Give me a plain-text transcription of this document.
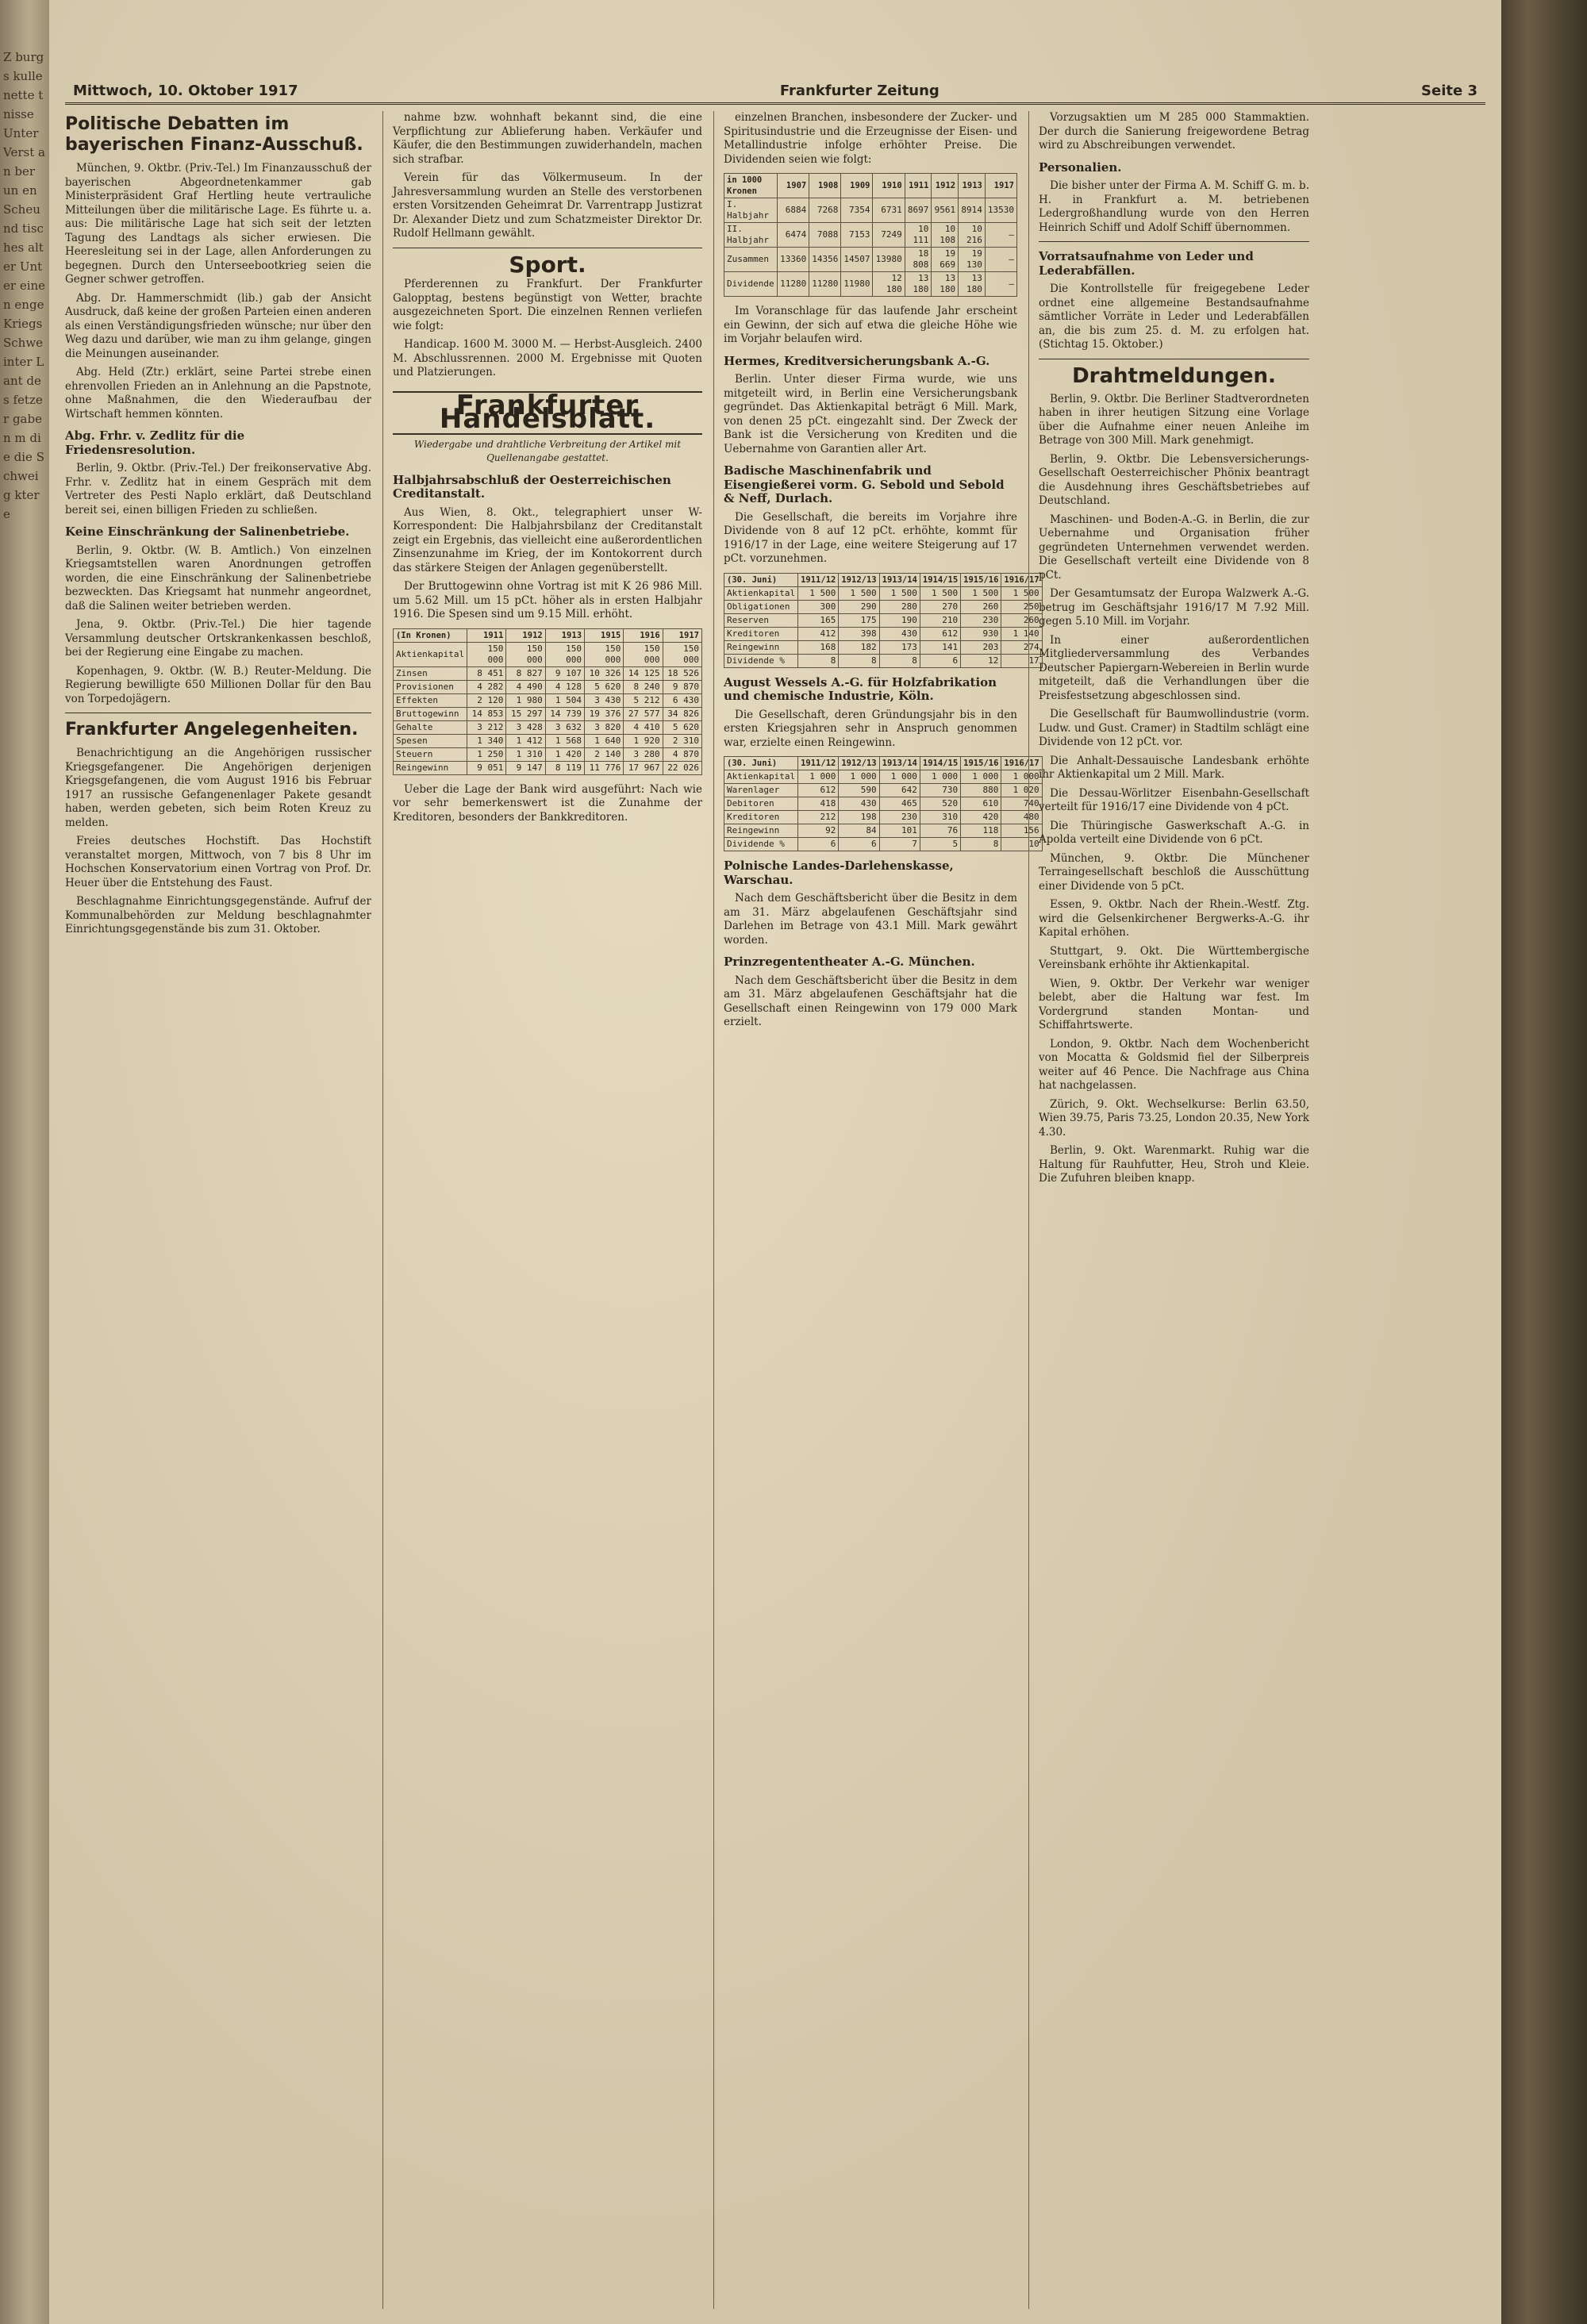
Z burgs kulle nette tnisse Unter Verst an ber un en Scheu nd tisches alter Unter einen enge Kriegs Schwe inter Lant des fetzer gaben m die die Schweig ktere
Mittwoch, 10. Oktober 1917	Frankfurter Zeitung	Seite 3
Politische Debatten im bayerischen Finanz-Ausschuß.

München, 9. Oktbr. (Priv.-Tel.) Im Finanzausschuß der bayerischen Abgeordnetenkammer gab Ministerpräsident Graf Hertling heute vertrauliche Mitteilungen über die militärische Lage. Es führte u. a. aus: Die militärische Lage hat sich seit der letzten Tagung des Landtags als sicher erwiesen. Die Heeresleitung sei in der Lage, allen Anforderungen zu begegnen. Durch den Unterseebootkrieg seien die Gegner schwer getroffen.

Abg. Dr. Hammerschmidt (lib.) gab der Ansicht Ausdruck, daß keine der großen Parteien einen anderen als einen Verständigungsfrieden wünsche; nur über den Weg dazu und darüber, wie man zu ihm gelange, gingen die Meinungen auseinander.

Abg. Held (Ztr.) erklärt, seine Partei strebe einen ehrenvollen Frieden an in Anlehnung an die Papstnote, ohne Maßnahmen, die den Wiederaufbau der Wirtschaft hemmen könnten.

Abg. Frhr. v. Zedlitz für die Friedensresolution.

Berlin, 9. Oktbr. (Priv.-Tel.) Der freikonservative Abg. Frhr. v. Zedlitz hat in einem Gespräch mit dem Vertreter des Pesti Naplo erklärt, daß Deutschland bereit sei, einen billigen Frieden zu schließen.

Keine Einschränkung der Salinenbetriebe.

Berlin, 9. Oktbr. (W. B. Amtlich.) Von einzelnen Kriegsamtstellen waren Anordnungen getroffen worden, die eine Einschränkung der Salinenbetriebe bezweckten. Das Kriegsamt hat nunmehr angeordnet, daß die Salinen weiter betrieben werden.

Jena, 9. Oktbr. (Priv.-Tel.) Die hier tagende Versammlung deutscher Ortskrankenkassen beschloß, bei der Regierung eine Eingabe zu machen.

Kopenhagen, 9. Oktbr. (W. B.) Reuter-Meldung. Die Regierung bewilligte 650 Millionen Dollar für den Bau von Torpedojägern.

Frankfurter Angelegenheiten.

Benachrichtigung an die Angehörigen russischer Kriegsgefangener. Die Angehörigen derjenigen Kriegsgefangenen, die vom August 1916 bis Februar 1917 an russische Gefangenenlager Pakete gesandt haben, werden gebeten, sich beim Roten Kreuz zu melden.

Freies deutsches Hochstift. Das Hochstift veranstaltet morgen, Mittwoch, von 7 bis 8 Uhr im Hochschen Konservatorium einen Vortrag von Prof. Dr. Heuer über die Entstehung des Faust.

Beschlagnahme Einrichtungsgegenstände. Aufruf der Kommunalbehörden zur Meldung beschlagnahmter Einrichtungsgegenstände bis zum 31. Oktober.

nahme bzw. wohnhaft bekannt sind, die eine Verpflichtung zur Ablieferung haben. Verkäufer und Käufer, die den Bestimmungen zuwiderhandeln, machen sich strafbar.

Verein für das Völkermuseum. In der Jahresversammlung wurden an Stelle des verstorbenen ersten Vorsitzenden Geheimrat Dr. Varrentrapp Justizrat Dr. Alexander Dietz und zum Schatzmeister Direktor Dr. Rudolf Hellmann gewählt.

Sport.

Pferderennen zu Frankfurt. Der Frankfurter Galopptag, bestens begünstigt von Wetter, brachte ausgezeichneten Sport. Die einzelnen Rennen verliefen wie folgt:

Handicap. 1600 M. 3000 M. — Herbst-Ausgleich. 2400 M. Abschlussrennen. 2000 M. Ergebnisse mit Quoten und Platzierungen.

Frankfurter Handelsblatt.
Wiedergabe und drahtliche Verbreitung der Artikel mit Quellenangabe gestattet.
Halbjahrsabschluß der Oesterreichischen Creditanstalt.

Aus Wien, 8. Okt., telegraphiert unser W-Korrespondent: Die Halbjahrsbilanz der Creditanstalt zeigt ein Ergebnis, das vielleicht eine außerordentlichen Zinsenzunahme im Krieg, der im Kontokorrent durch das stärkere Steigen der Anlagen gegenüberstellt.

Der Bruttogewinn ohne Vortrag ist mit K 26 986 Mill. um 5.62 Mill. um 15 pCt. höher als in ersten Halbjahr 1916. Die Spesen sind um 9.15 Mill. erhöht.

(In Kronen)	1911	1912	1913	1915	1916	1917
Aktienkapital	150 000	150 000	150 000	150 000	150 000	150 000
Zinsen	8 451	8 827	9 107	10 326	14 125	18 526
Provisionen	4 282	4 490	4 128	5 620	8 240	9 870
Effekten	2 120	1 980	1 504	3 430	5 212	6 430
Bruttogewinn	14 853	15 297	14 739	19 376	27 577	34 826
Gehalte	3 212	3 428	3 632	3 820	4 410	5 620
Spesen	1 340	1 412	1 568	1 640	1 920	2 310
Steuern	1 250	1 310	1 420	2 140	3 280	4 870
Reingewinn	9 051	9 147	8 119	11 776	17 967	22 026

Ueber die Lage der Bank wird ausgeführt: Nach wie vor sehr bemerkenswert ist die Zunahme der Kreditoren, besonders der Bankkreditoren.

einzelnen Branchen, insbesondere der Zucker- und Spiritusindustrie und die Erzeugnisse der Eisen- und Metallindustrie infolge erhöhter Preise. Die Dividenden seien wie folgt:

in 1000 Kronen	1907	1908	1909	1910	1911	1912	1913	1917
I. Halbjahr	6884	7268	7354	6731	8697	9561	8914	13530
II. Halbjahr	6474	7088	7153	7249	10 111	10 108	10 216	—
Zusammen	13360	14356	14507	13980	18 808	19 669	19 130	—
Dividende	11280	11280	11980	12 180	13 180	13 180	13 180	—

Im Voranschlage für das laufende Jahr erscheint ein Gewinn, der sich auf etwa die gleiche Höhe wie im Vorjahr belaufen wird.

Hermes, Kreditversicherungsbank A.-G.

Berlin. Unter dieser Firma wurde, wie uns mitgeteilt wird, in Berlin eine Versicherungsbank gegründet. Das Aktienkapital beträgt 6 Mill. Mark, von denen 25 pCt. eingezahlt sind. Der Zweck der Bank ist die Versicherung von Krediten und die Uebernahme von Garantien aller Art.

Badische Maschinenfabrik und Eisengießerei vorm. G. Sebold und Sebold & Neff, Durlach.

Die Gesellschaft, die bereits im Vorjahre ihre Dividende von 8 auf 12 pCt. erhöhte, kommt für 1916/17 in der Lage, eine weitere Steigerung auf 17 pCt. vorzunehmen.

(30. Juni)	1911/12	1912/13	1913/14	1914/15	1915/16	1916/17
Aktienkapital	1 500	1 500	1 500	1 500	1 500	1 500
Obligationen	300	290	280	270	260	250
Reserven	165	175	190	210	230	260
Kreditoren	412	398	430	612	930	1 140
Reingewinn	168	182	173	141	203	274
Dividende %	8	8	8	6	12	17
August Wessels A.-G. für Holzfabrikation und chemische Industrie, Köln.

Die Gesellschaft, deren Gründungsjahr bis in den ersten Kriegsjahren sehr in Anspruch genommen war, erzielte einen Reingewinn.

(30. Juni)	1911/12	1912/13	1913/14	1914/15	1915/16	1916/17
Aktienkapital	1 000	1 000	1 000	1 000	1 000	1 000
Warenlager	612	590	642	730	880	1 020
Debitoren	418	430	465	520	610	740
Kreditoren	212	198	230	310	420	480
Reingewinn	92	84	101	76	118	156
Dividende %	6	6	7	5	8	10
Polnische Landes-Darlehenskasse, Warschau.

Nach dem Geschäftsbericht über die Besitz in dem am 31. März abgelaufenen Geschäftsjahr sind Darlehen im Betrage von 43.1 Mill. Mark gewährt worden.

Prinzregententheater A.-G. München.

Nach dem Geschäftsbericht über die Besitz in dem am 31. März abgelaufenen Geschäftsjahr hat die Gesellschaft einen Reingewinn von 179 000 Mark erzielt.

Vorzugsaktien um M 285 000 Stammaktien. Der durch die Sanierung freigewordene Betrag wird zu Abschreibungen verwendet.

Personalien.

Die bisher unter der Firma A. M. Schiff G. m. b. H. in Frankfurt a. M. betriebenen Ledergroßhandlung wurde von den Herren Heinrich Schiff und Adolf Schiff übernommen.

Vorratsaufnahme von Leder und Lederabfällen.

Die Kontrollstelle für freigegebene Leder ordnet eine allgemeine Bestandsaufnahme sämtlicher Vorräte in Leder und Lederabfällen an, die bis zum 25. d. M. zu erfolgen hat. (Stichtag 15. Oktober.)

Drahtmeldungen.

Berlin, 9. Oktbr. Die Berliner Stadtverordneten haben in ihrer heutigen Sitzung eine Vorlage über die Aufnahme einer neuen Anleihe im Betrage von 300 Mill. Mark genehmigt.

Berlin, 9. Oktbr. Die Lebensversicherungs-Gesellschaft Oesterreichischer Phönix beantragt die Ausdehnung ihres Geschäftsbetriebes auf Deutschland.

Maschinen- und Boden-A.-G. in Berlin, die zur Uebernahme und Organisation früher gegründeten Unternehmen verwendet werden. Die Gesellschaft verteilt eine Dividende von 8 pCt.

Der Gesamtumsatz der Europa Walzwerk A.-G. betrug im Geschäftsjahr 1916/17 M 7.92 Mill. gegen 5.10 Mill. im Vorjahr.

In einer außerordentlichen Mitgliederversammlung des Verbandes Deutscher Papiergarn-Webereien in Berlin wurde mitgeteilt, daß die Verhandlungen über die Preisfestsetzung abgeschlossen sind.

Die Gesellschaft für Baumwollindustrie (vorm. Ludw. und Gust. Cramer) in Stadtilm schlägt eine Dividende von 12 pCt. vor.

Die Anhalt-Dessauische Landesbank erhöhte ihr Aktienkapital um 2 Mill. Mark.

Die Dessau-Wörlitzer Eisenbahn-Gesellschaft verteilt für 1916/17 eine Dividende von 4 pCt.

Die Thüringische Gaswerkschaft A.-G. in Apolda verteilt eine Dividende von 6 pCt.

München, 9. Oktbr. Die Münchener Terraingesellschaft beschloß die Ausschüttung einer Dividende von 5 pCt.

Essen, 9. Oktbr. Nach der Rhein.-Westf. Ztg. wird die Gelsenkirchener Bergwerks-A.-G. ihr Kapital erhöhen.

Stuttgart, 9. Okt. Die Württembergische Vereinsbank erhöhte ihr Aktienkapital.

Wien, 9. Oktbr. Der Verkehr war weniger belebt, aber die Haltung war fest. Im Vordergrund standen Montan- und Schiffahrtswerte.

London, 9. Oktbr. Nach dem Wochenbericht von Mocatta & Goldsmid fiel der Silberpreis weiter auf 46 Pence. Die Nachfrage aus China hat nachgelassen.

Zürich, 9. Okt. Wechselkurse: Berlin 63.50, Wien 39.75, Paris 73.25, London 20.35, New York 4.30.

Berlin, 9. Okt. Warenmarkt. Ruhig war die Haltung für Rauhfutter, Heu, Stroh und Kleie. Die Zufuhren bleiben knapp.
